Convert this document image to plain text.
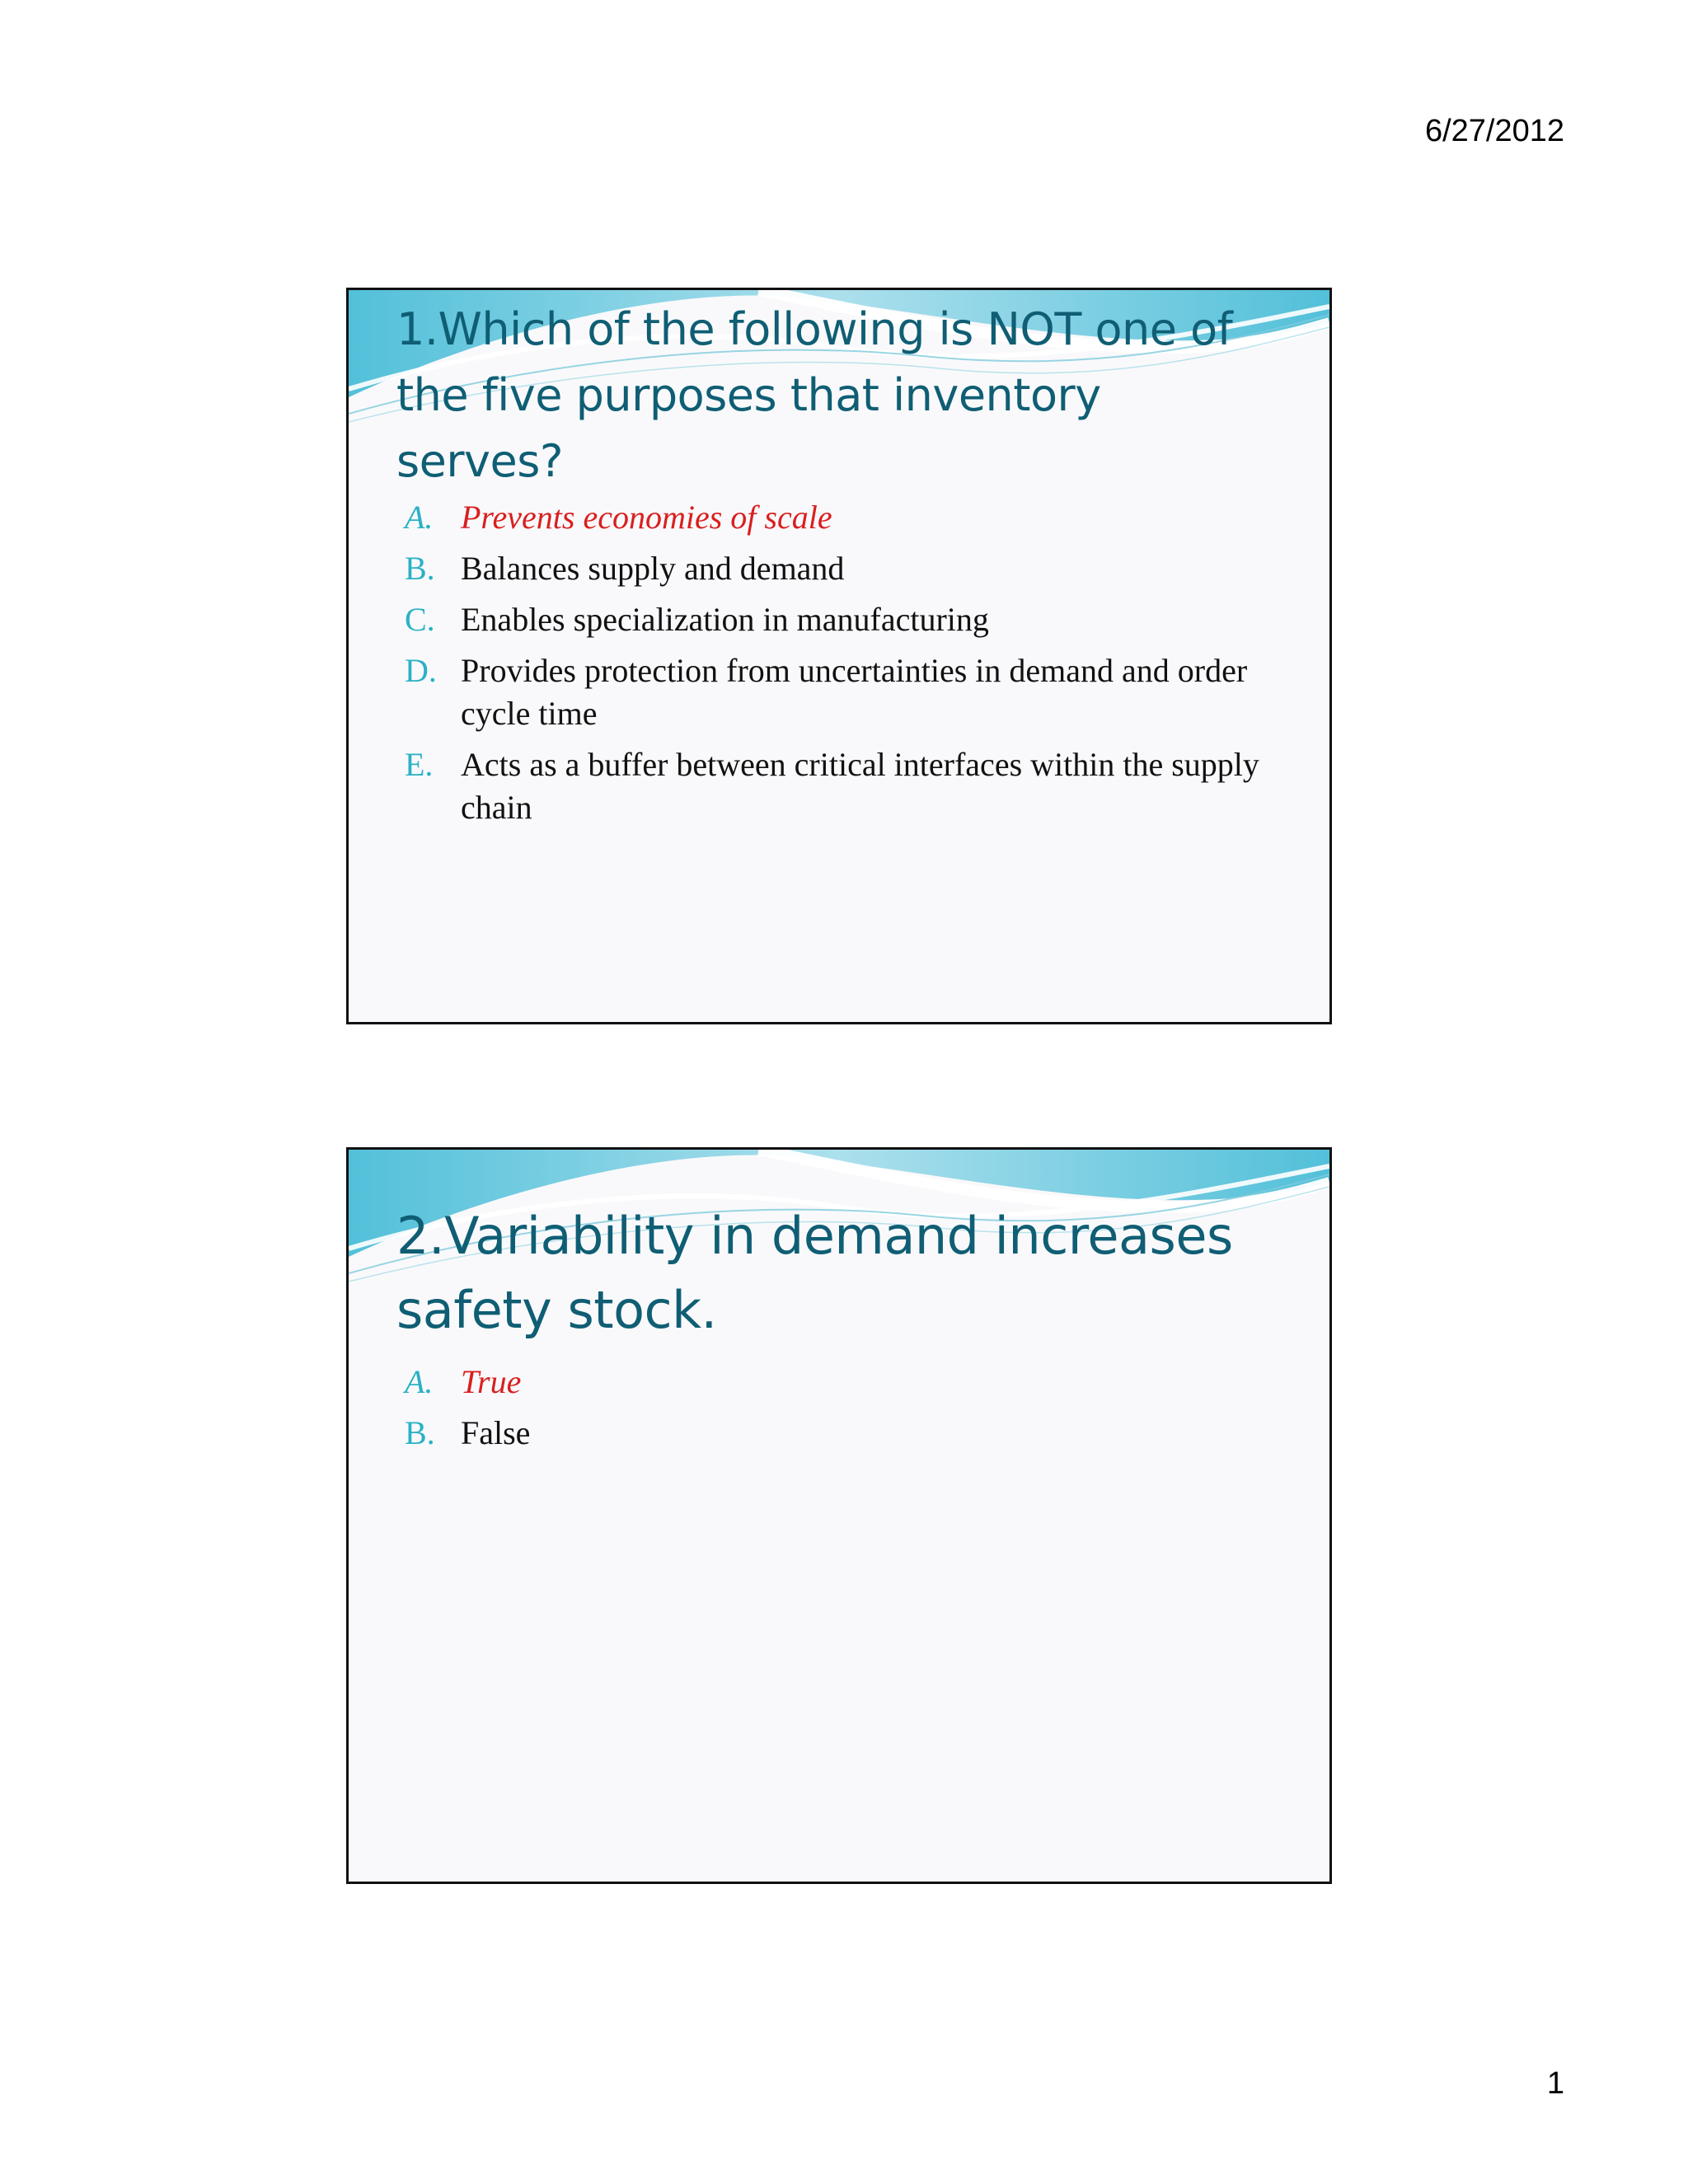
6/27/2012
1.Which of the following is NOT one of the five purposes that inventory serves?
A. Prevents economies of scale
B. Balances supply and demand
C. Enables specialization in manufacturing
D. Provides protection from uncertainties in demand and order cycle time
E. Acts as a buffer between critical interfaces within the supply chain
2.Variability in demand increases safety stock.
A. True
B. False
1
